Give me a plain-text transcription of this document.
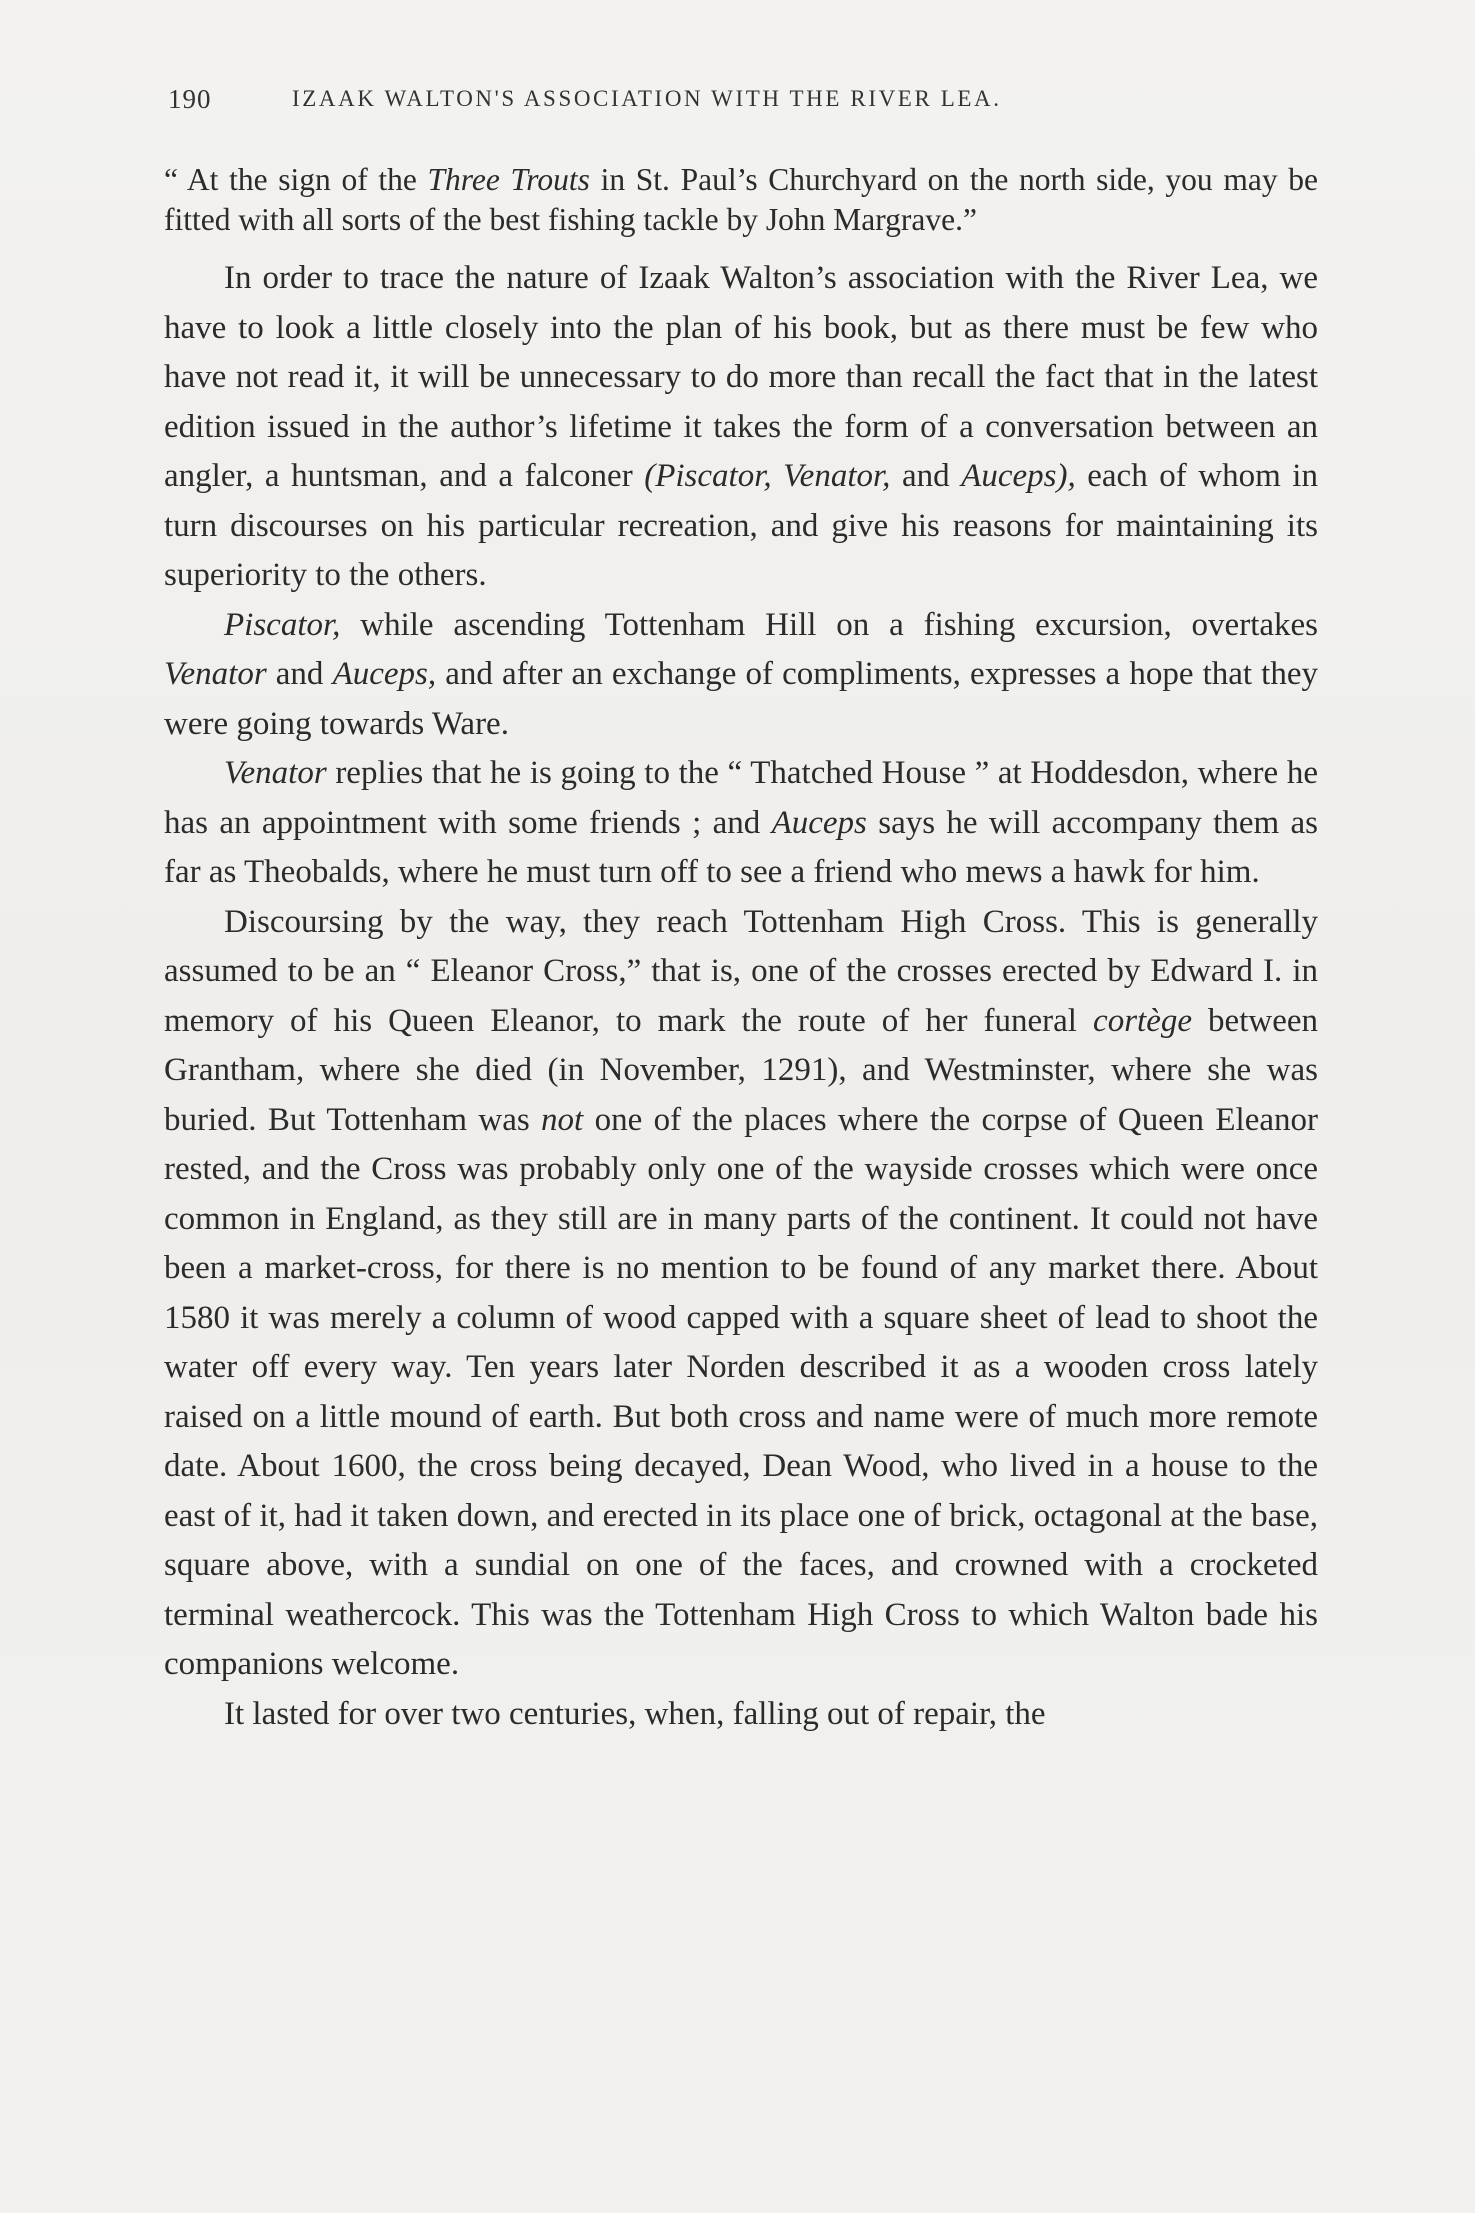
190	IZAAK WALTON'S ASSOCIATION WITH THE RIVER LEA.

“ At the sign of the Three Trouts in St. Paul’s Churchyard on the north side, you may be fitted with all sorts of the best fishing tackle by John Margrave.”

In order to trace the nature of Izaak Walton’s association with the River Lea, we have to look a little closely into the plan of his book, but as there must be few who have not read it, it will be unnecessary to do more than recall the fact that in the latest edition issued in the author’s lifetime it takes the form of a conversation between an angler, a huntsman, and a falconer (Piscator, Venator, and Auceps), each of whom in turn discourses on his particular recreation, and give his reasons for maintaining its superiority to the others.

Piscator, while ascending Tottenham Hill on a fishing excursion, overtakes Venator and Auceps, and after an exchange of compliments, expresses a hope that they were going towards Ware.

Venator replies that he is going to the “ Thatched House ” at Hoddesdon, where he has an appointment with some friends ; and Auceps says he will accompany them as far as Theobalds, where he must turn off to see a friend who mews a hawk for him.

Discoursing by the way, they reach Tottenham High Cross. This is generally assumed to be an “ Eleanor Cross,” that is, one of the crosses erected by Edward I. in memory of his Queen Eleanor, to mark the route of her funeral cortège between Grantham, where she died (in November, 1291), and Westminster, where she was buried. But Tottenham was not one of the places where the corpse of Queen Eleanor rested, and the Cross was probably only one of the wayside crosses which were once common in England, as they still are in many parts of the continent. It could not have been a market-cross, for there is no mention to be found of any market there. About 1580 it was merely a column of wood capped with a square sheet of lead to shoot the water off every way. Ten years later Norden described it as a wooden cross lately raised on a little mound of earth. But both cross and name were of much more remote date. About 1600, the cross being decayed, Dean Wood, who lived in a house to the east of it, had it taken down, and erected in its place one of brick, octagonal at the base, square above, with a sundial on one of the faces, and crowned with a crocketed terminal weathercock. This was the Tottenham High Cross to which Walton bade his companions welcome.

It lasted for over two centuries, when, falling out of repair, the
